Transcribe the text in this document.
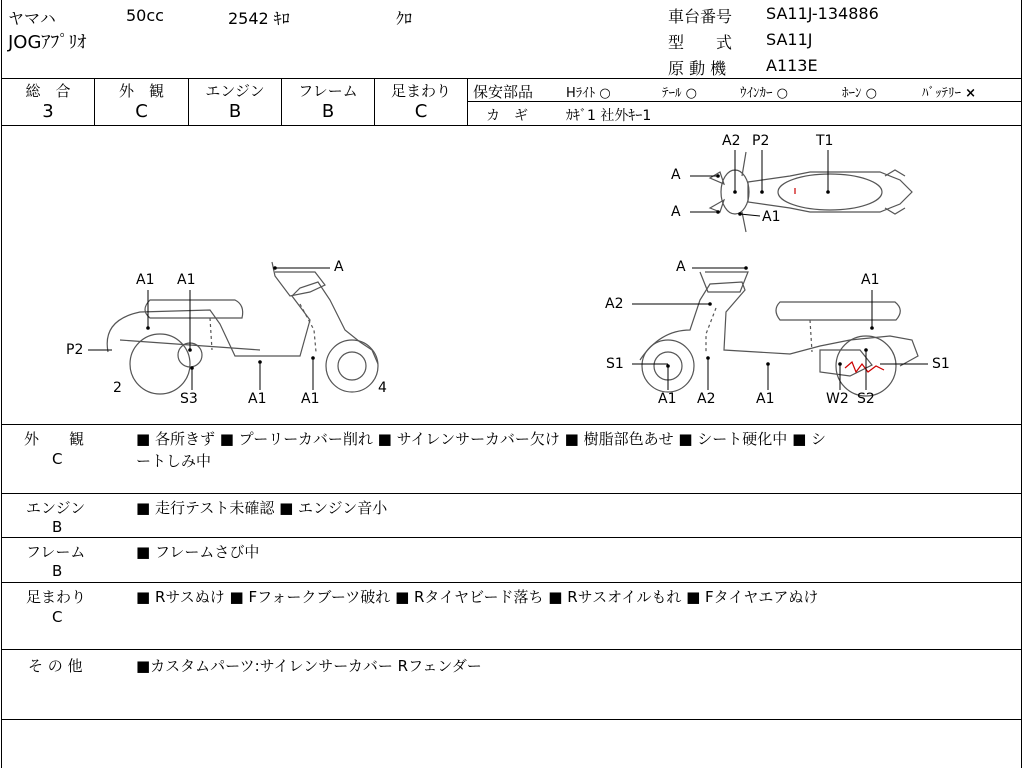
ヤマハ	50cc	2542 ｷﾛ	ｸﾛ
JOGｱﾌﾟﾘｵ
車台番号 SA11J-134886
型　　式 SA11J
原 動 機 A113E
総　合
3
外　観
C
エンジン
B
フレーム
B
足まわり
C
保安部品	Hﾗｲﾄ ○	ﾃｰﾙ ○	ｳｲﾝｶｰ ○	ﾎｰﾝ ○	ﾊﾞｯﾃﾘｰ ×
カ　ギ	ｶｷﾞ1 社外ｷｰ1
A
A1 A1
P2
2
S3	A1 A1
4
A
A1
A2
S1	S1
A1 A2	A1	W2 S2
A2 P2	T1
A
A	A1
外　　観
C
■ 各所きず ■ プーリーカバー削れ ■ サイレンサーカバー欠け ■ 樹脂部色あせ ■ シート硬化中 ■ シ
ートしみ中
エンジン
B
■ 走行テスト未確認 ■ エンジン音小
フレーム
B
■ フレームさび中
足まわり
C
■ Rサスぬけ ■ Fフォークブーツ破れ ■ Rタイヤビード落ち ■ Rサスオイルもれ ■ Fタイヤエアぬけ
そ の 他	■カスタムパーツ:サイレンサーカバー Rフェンダー
